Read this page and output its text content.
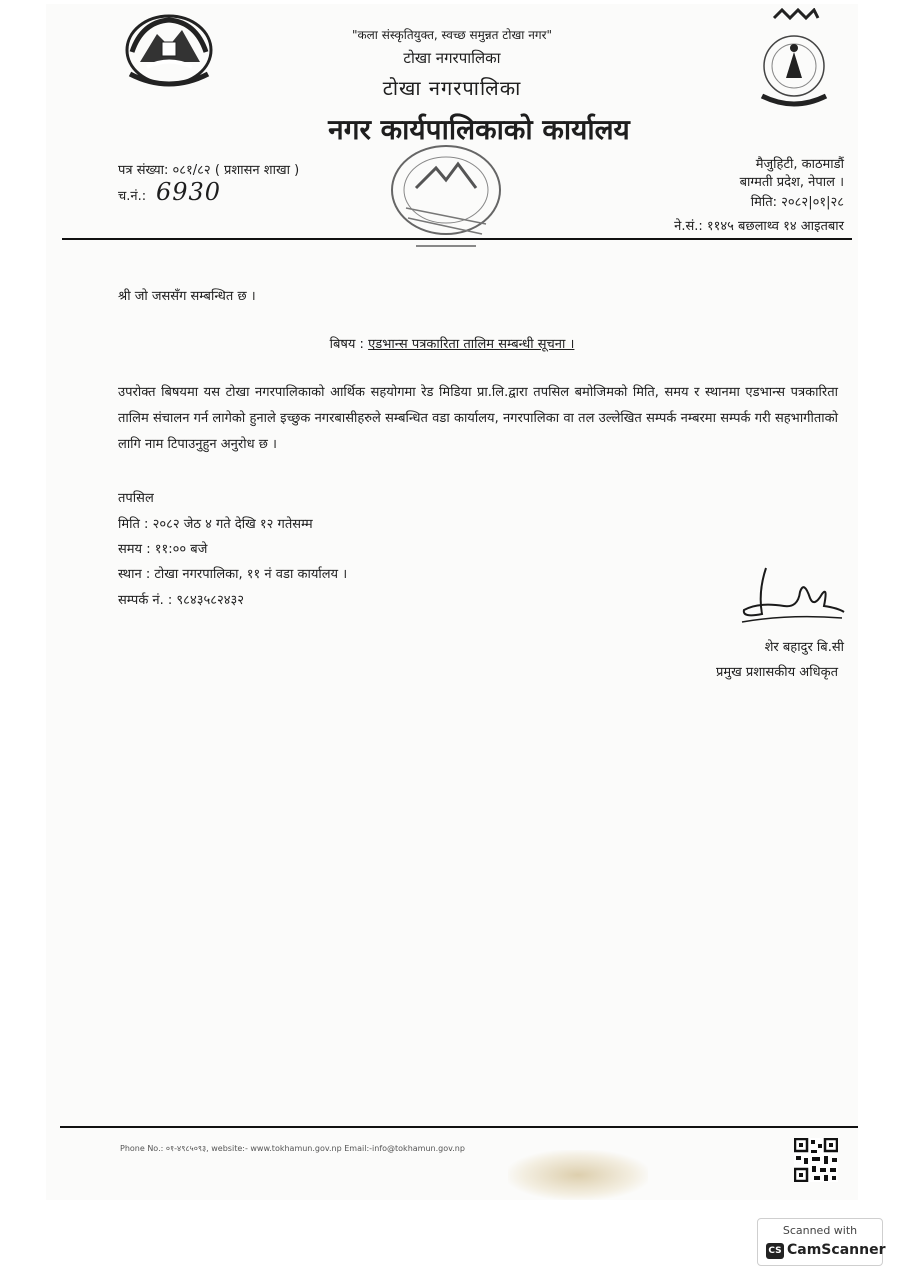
"कला संस्कृतियुक्त, स्वच्छ समुन्नत टोखा नगर"
टोखा नगरपालिका
टोखा नगरपालिका
नगर कार्यपालिकाको कार्यालय
पत्र संख्या: ०८१/८२ ( प्रशासन शाखा )
च.नं.: 6930
मैजुहिटी, काठमाडौं
बाग्मती प्रदेश, नेपाल ।
मिति: २०८२|०१|२८
ने.सं.: ११४५ बछलाथ्व १४ आइतबार
श्री जो जससँग सम्बन्धित छ ।
बिषय : एडभान्स पत्रकारिता तालिम सम्बन्धी सूचना ।
उपरोक्त बिषयमा यस टोखा नगरपालिकाको आर्थिक सहयोगमा रेड मिडिया प्रा.लि.द्वारा तपसिल बमोजिमको मिति, समय र स्थानमा एडभान्स पत्रकारिता तालिम संचालन गर्न लागेको हुनाले इच्छुक नगरबासीहरुले सम्बन्धित वडा कार्यालय, नगरपालिका वा तल उल्लेखित सम्पर्क नम्बरमा सम्पर्क गरी सहभागीताको लागि नाम टिपाउनुहुन अनुरोध छ ।
तपसिल
मिति : २०८२ जेठ ४ गते देखि १२ गतेसम्म
समय : ११:०० बजे
स्थान : टोखा नगरपालिका, ११ नं वडा कार्यालय ।
सम्पर्क नं. : ९८४३५८२४३२
शेर बहादुर बि.सी
प्रमुख प्रशासकीय अधिकृत
Phone No.: ०१-४९८५०९३, website:- www.tokhamun.gov.np Email:-info@tokhamun.gov.np
Scanned with
CS CamScanner
